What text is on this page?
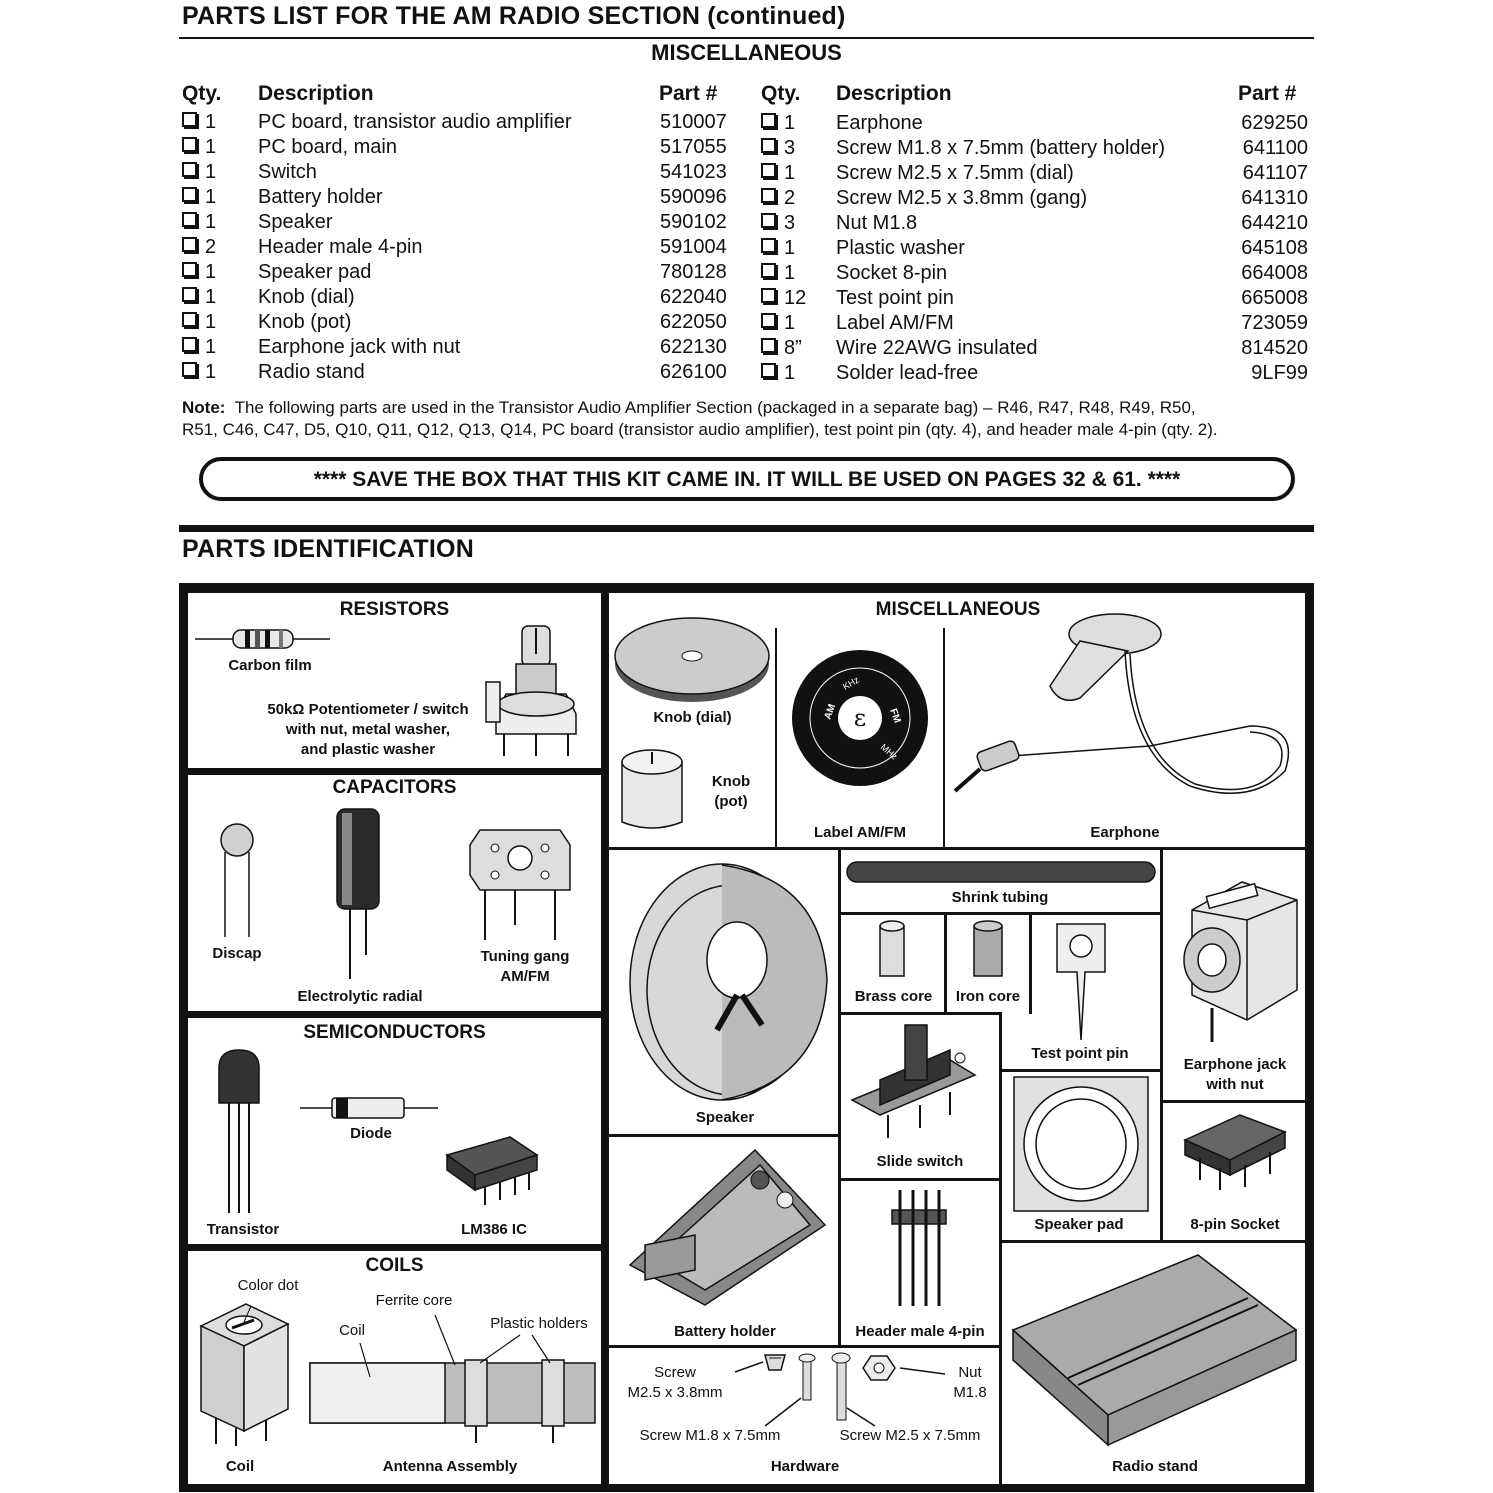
PARTS LIST FOR THE AM RADIO SECTION (continued)
MISCELLANEOUS
Qty. Description	Part # Qty. Description	Part #
1 PC board, transistor audio amplifier	510007
1 PC board, main	517055
1 Switch	541023
1 Battery holder	590096
1 Speaker	590102
2 Header male 4-pin	591004
1 Speaker pad	780128
1 Knob (dial)	622040
1 Knob (pot)	622050
1 Earphone jack with nut	622130
1 Radio stand	626100
1 Earphone	629250
3 Screw M1.8 x 7.5mm (battery holder)	641100
1 Screw M2.5 x 7.5mm (dial)	641107
2 Screw M2.5 x 3.8mm (gang)	641310
3 Nut M1.8	644210
1 Plastic washer	645108
1 Socket 8-pin	664008
12 Test point pin	665008
1 Label AM/FM	723059
8” Wire 22AWG insulated	814520
1 Solder lead-free	9LF99
Note: The following parts are used in the Transistor Audio Amplifier Section (packaged in a separate bag) – R46, R47, R48, R49, R50,
R51, C46, C47, D5, Q10, Q11, Q12, Q13, Q14, PC board (transistor audio amplifier), test point pin (qty. 4), and header male 4-pin (qty. 2).
**** SAVE THE BOX THAT THIS KIT CAME IN. IT WILL BE USED ON PAGES 32 & 61. ****
PARTS IDENTIFICATION
RESISTORS
Carbon film
50kΩ Potentiometer / switch
with nut, metal washer,
and plastic washer
CAPACITORS
Discap
Electrolytic radial
Tuning gang
AM/FM
SEMICONDUCTORS
Transistor
Diode
LM386 IC
COILS
Color dot
Ferrite core
Coil	Plastic holders
Coil	Antenna Assembly
MISCELLANEOUS
Knob (dial)
Knob
(pot)
ε
AM	FM
KHz
MHz
Label AM/FM	Earphone
Speaker
Shrink tubing
Brass core	Iron core
Test point pin
Earphone jack
with nut
Slide switch
Speaker pad	8-pin Socket
Battery holder	Header male 4-pin
Radio stand
Screw
M2.5 x 3.8mm
Nut
M1.8
Screw M1.8 x 7.5mm	Screw M2.5 x 7.5mm
Hardware
